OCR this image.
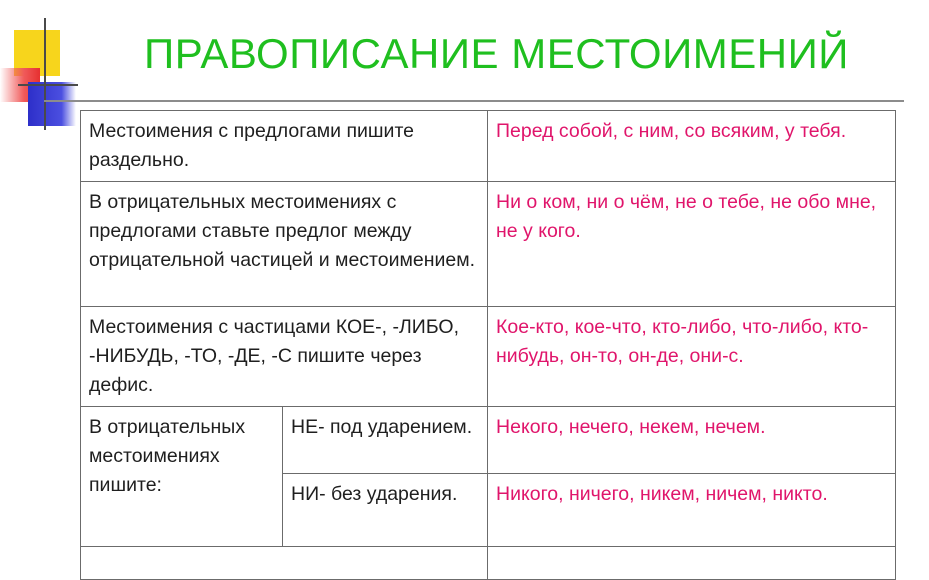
ПРАВОПИСАНИЕ МЕСТОИМЕНИЙ
Местоимения с предлогами пишите раздельно.		Перед собой, с ним, со всяким, у тебя.
В отрицательных местоимениях с предлогами ставьте предлог между отрицательной частицей и местоимением.		Ни о ком, ни о чём, не о тебе, не обо мне, не у кого.
Местоимения с частицами КОЕ-, -ЛИБО, -НИБУДЬ, -ТО, -ДЕ, -С пишите через дефис.		Кое-кто, кое-что, кто-либо, что-либо, кто-нибудь, он-то, он-де, они-с.
В отрицательных местоимениях пишите:	НЕ- под ударением.	Некого, нечего, некем, нечем.
	НИ- без ударения.	Никого, ничего, никем, ничем, никто.
